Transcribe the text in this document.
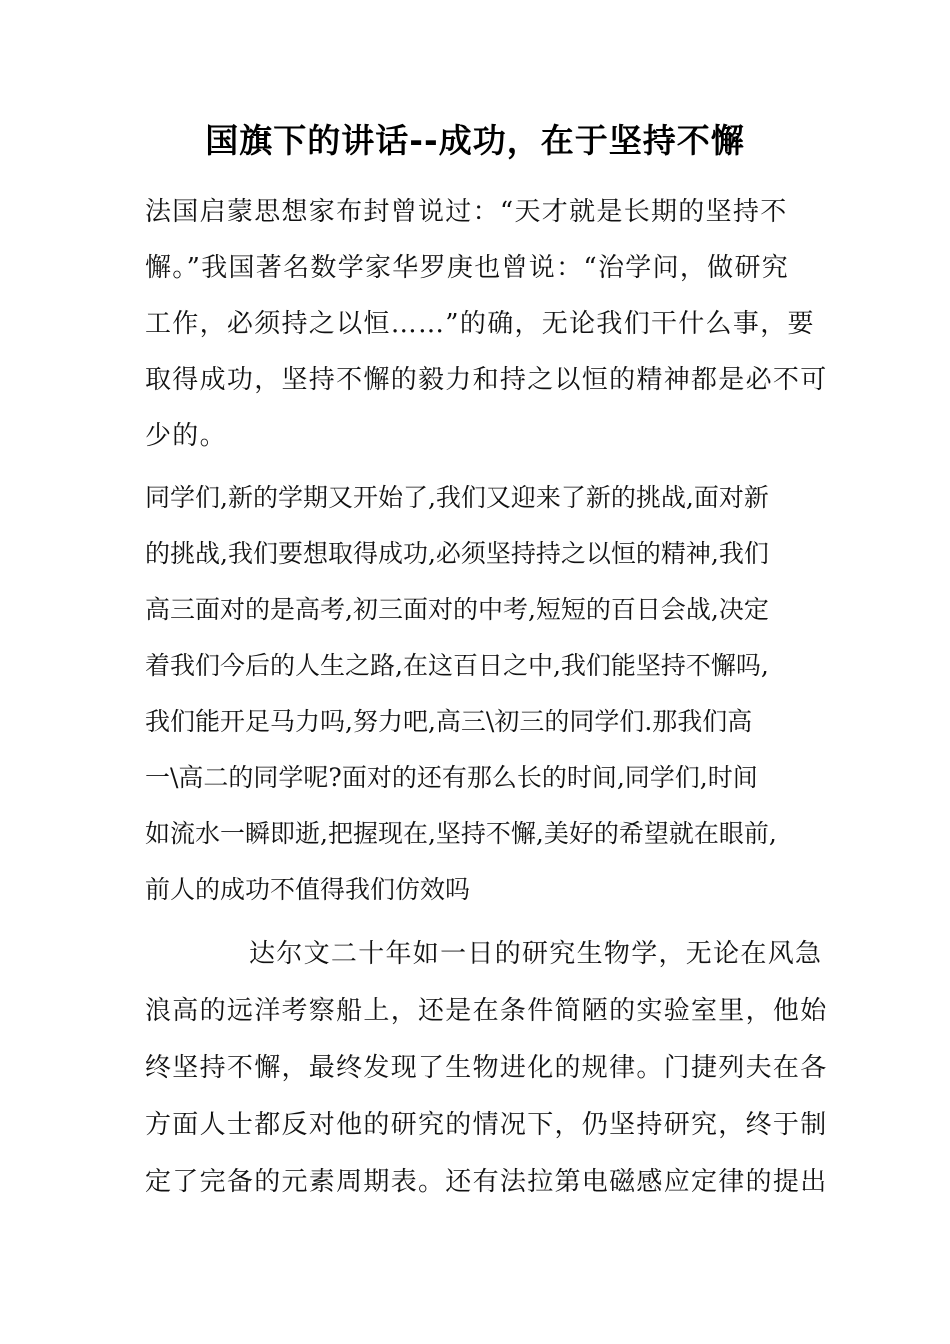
国旗下的讲话--成功，在于坚持不懈
法国启蒙思想家布封曾说过：“天才就是长期的坚持不
懈。”我国著名数学家华罗庚也曾说：“治学问，做研究
工作，必须持之以恒……”的确，无论我们干什么事，要
取得成功，坚持不懈的毅力和持之以恒的精神都是必不可
少的。
同学们,新的学期又开始了,我们又迎来了新的挑战,面对新
的挑战,我们要想取得成功,必须坚持持之以恒的精神,我们
高三面对的是高考,初三面对的中考,短短的百日会战,决定
着我们今后的人生之路,在这百日之中,我们能坚持不懈吗,
我们能开足马力吗,努力吧,高三\初三的同学们.那我们高
一\高二的同学呢?面对的还有那么长的时间,同学们,时间
如流水一瞬即逝,把握现在,坚持不懈,美好的希望就在眼前,
前人的成功不值得我们仿效吗
达尔文二十年如一日的研究生物学，无论在风急
浪高的远洋考察船上，还是在条件简陋的实验室里，他始
终坚持不懈，最终发现了生物进化的规律。门捷列夫在各
方面人士都反对他的研究的情况下，仍坚持研究，终于制
定了完备的元素周期表。还有法拉第电磁感应定律的提出
